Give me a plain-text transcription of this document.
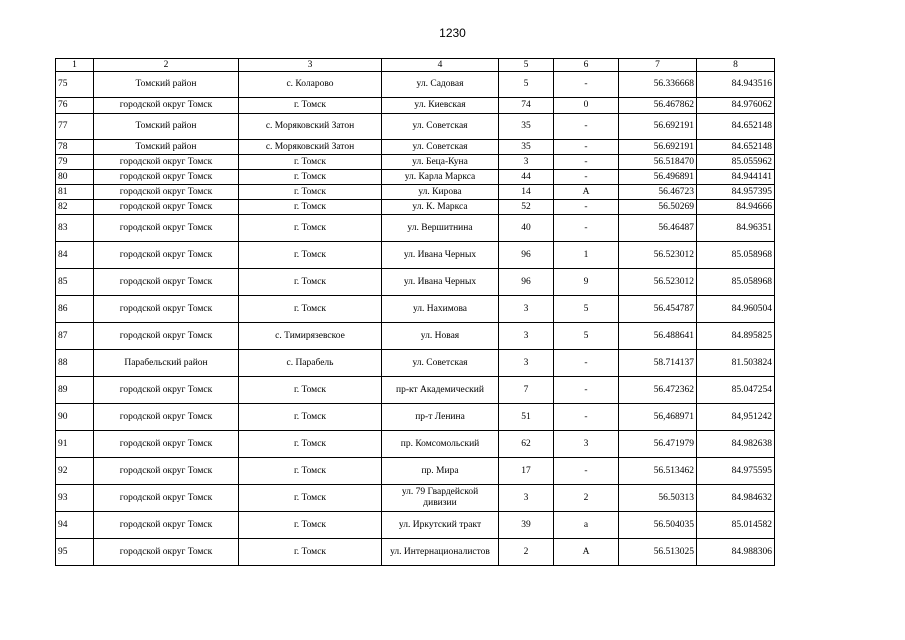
1230
1	2	3	4	5	6	7	8
75	Томский район	с. Коларово	ул. Садовая	5	-	56.336668	84.943516
76	городской округ Томск	г. Томск	ул. Киевская	74	0	56.467862	84.976062
77	Томский район	с. Моряковский Затон	ул. Советская	35	-	56.692191	84.652148
78	Томский район	с. Моряковский Затон	ул. Советская	35	-	56.692191	84.652148
79	городской округ Томск	г. Томск	ул. Беца-Куна	3	-	56.518470	85.055962
80	городской округ Томск	г. Томск	ул. Карла Маркса	44	-	56.496891	84.944141
81	городской округ Томск	г. Томск	ул. Кирова	14	А	56.46723	84.957395
82	городской округ Томск	г. Томск	ул. К. Маркса	52	-	56.50269	84.94666
83	городской округ Томск	г. Томск	ул. Вершитнина	40	-	56.46487	84.96351
84	городской округ Томск	г. Томск	ул. Ивана Черных	96	1	56.523012	85.058968
85	городской округ Томск	г. Томск	ул. Ивана Черных	96	9	56.523012	85.058968
86	городской округ Томск	г. Томск	ул. Нахимова	3	5	56.454787	84.960504
87	городской округ Томск	с. Тимирязевское	ул. Новая	3	5	56.488641	84.895825
88	Парабельский район	с. Парабель	ул. Советская	3	-	58.714137	81.503824
89	городской округ Томск	г. Томск	пр-кт Академический	7	-	56.472362	85.047254
90	городской округ Томск	г. Томск	пр-т Ленина	51	-	56,468971	84,951242
91	городской округ Томск	г. Томск	пр. Комсомольский	62	3	56.471979	84.982638
92	городской округ Томск	г. Томск	пр. Мира	17	-	56.513462	84.975595
93	городской округ Томск	г. Томск	ул. 79 Гвардейской дивизии	3	2	56.50313	84.984632
94	городской округ Томск	г. Томск	ул. Иркутский тракт	39	а	56.504035	85.014582
95	городской округ Томск	г. Томск	ул. Интернационалистов	2	А	56.513025	84.988306
